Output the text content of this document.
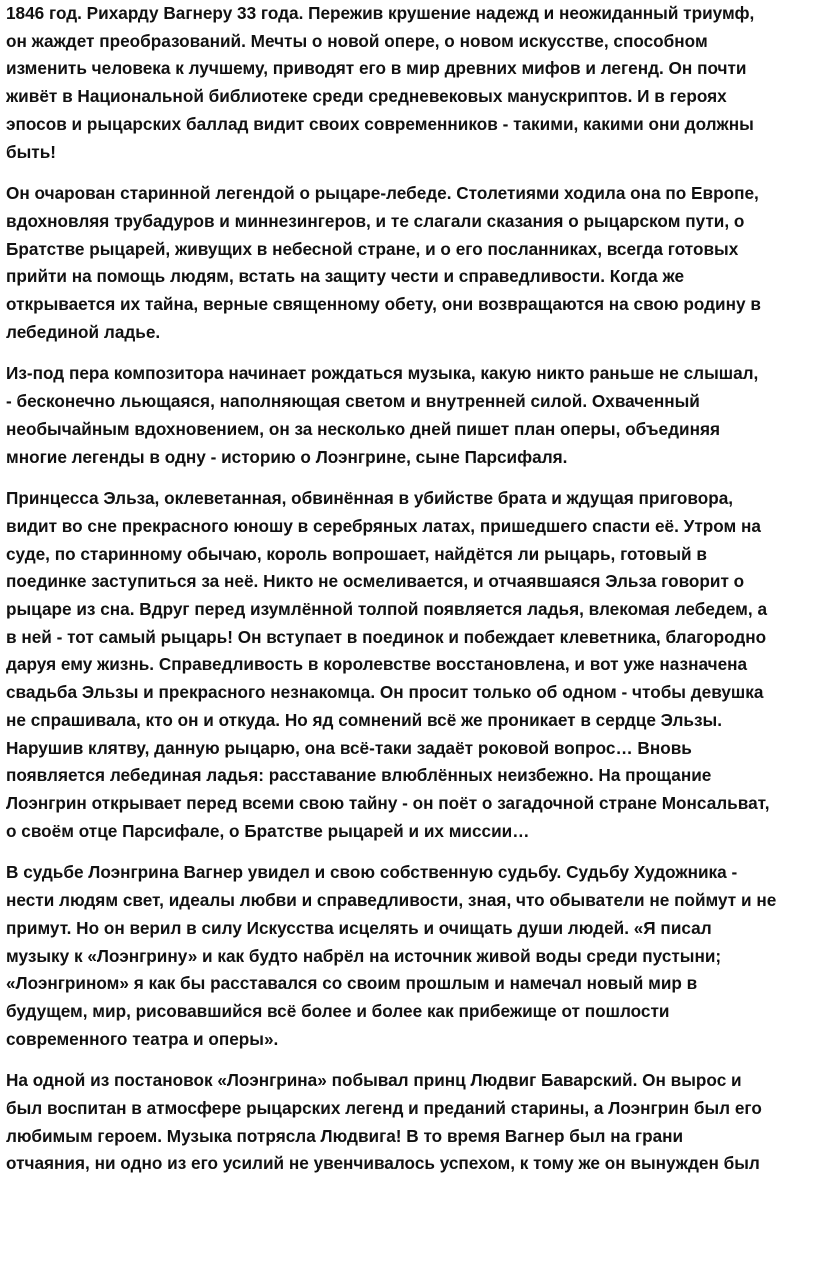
1846 год. Рихарду Вагнеру 33 года. Пережив крушение надежд и неожиданный триумф,
он жаждет преобразований. Мечты о новой опере, о новом искусстве, способном
изменить человека к лучшему, приводят его в мир древних мифов и легенд. Он почти
живёт в Национальной библиотеке среди средневековых манускриптов. И в героях
эпосов и рыцарских баллад видит своих современников - такими, какими они должны
быть!

Он очарован старинной легендой о рыцаре-лебеде. Столетиями ходила она по Европе,
вдохновляя трубадуров и миннезингеров, и те слагали сказания о рыцарском пути, о
Братстве рыцарей, живущих в небесной стране, и о его посланниках, всегда готовых
прийти на помощь людям, встать на защиту чести и справедливости. Когда же
открывается их тайна, верные священному обету, они возвращаются на свою родину в
лебединой ладье.

Из-под пера композитора начинает рождаться музыка, какую никто раньше не слышал,
- бесконечно льющаяся, наполняющая светом и внутренней силой. Охваченный
необычайным вдохновением, он за несколько дней пишет план оперы, объединяя
многие легенды в одну - историю о Лоэнгрине, сыне Парсифаля.

Принцесса Эльза, оклеветанная, обвинённая в убийстве брата и ждущая приговора,
видит во сне прекрасного юношу в серебряных латах, пришедшего спасти её. Утром на
суде, по старинному обычаю, король вопрошает, найдётся ли рыцарь, готовый в
поединке заступиться за неё. Никто не осмеливается, и отчаявшаяся Эльза говорит о
рыцаре из сна. Вдруг перед изумлённой толпой появляется ладья, влекомая лебедем, а
в ней - тот самый рыцарь! Он вступает в поединок и побеждает клеветника, благородно
даруя ему жизнь. Справедливость в королевстве восстановлена, и вот уже назначена
свадьба Эльзы и прекрасного незнакомца. Он просит только об одном - чтобы девушка
не спрашивала, кто он и откуда. Но яд сомнений всё же проникает в сердце Эльзы.
Нарушив клятву, данную рыцарю, она всё-таки задаёт роковой вопрос… Вновь
появляется лебединая ладья: расставание влюблённых неизбежно. На прощание
Лоэнгрин открывает перед всеми свою тайну - он поёт о загадочной стране Монсальват,
о своём отце Парсифале, о Братстве рыцарей и их миссии…

В судьбе Лоэнгрина Вагнер увидел и свою собственную судьбу. Судьбу Художника -
нести людям свет, идеалы любви и справедливости, зная, что обыватели не поймут и не
примут. Но он верил в силу Искусства исцелять и очищать души людей. «Я писал
музыку к «Лоэнгрину» и как будто набрёл на источник живой воды среди пустыни;
«Лоэнгрином» я как бы расставался со своим прошлым и намечал новый мир в
будущем, мир, рисовавшийся всё более и более как прибежище от пошлости
современного театра и оперы».

На одной из постановок «Лоэнгрина» побывал принц Людвиг Баварский. Он вырос и
был воспитан в атмосфере рыцарских легенд и преданий старины, а Лоэнгрин был его
любимым героем. Музыка потрясла Людвига! В то время Вагнер был на грани
отчаяния, ни одно из его усилий не увенчивалось успехом, к тому же он вынужден был
